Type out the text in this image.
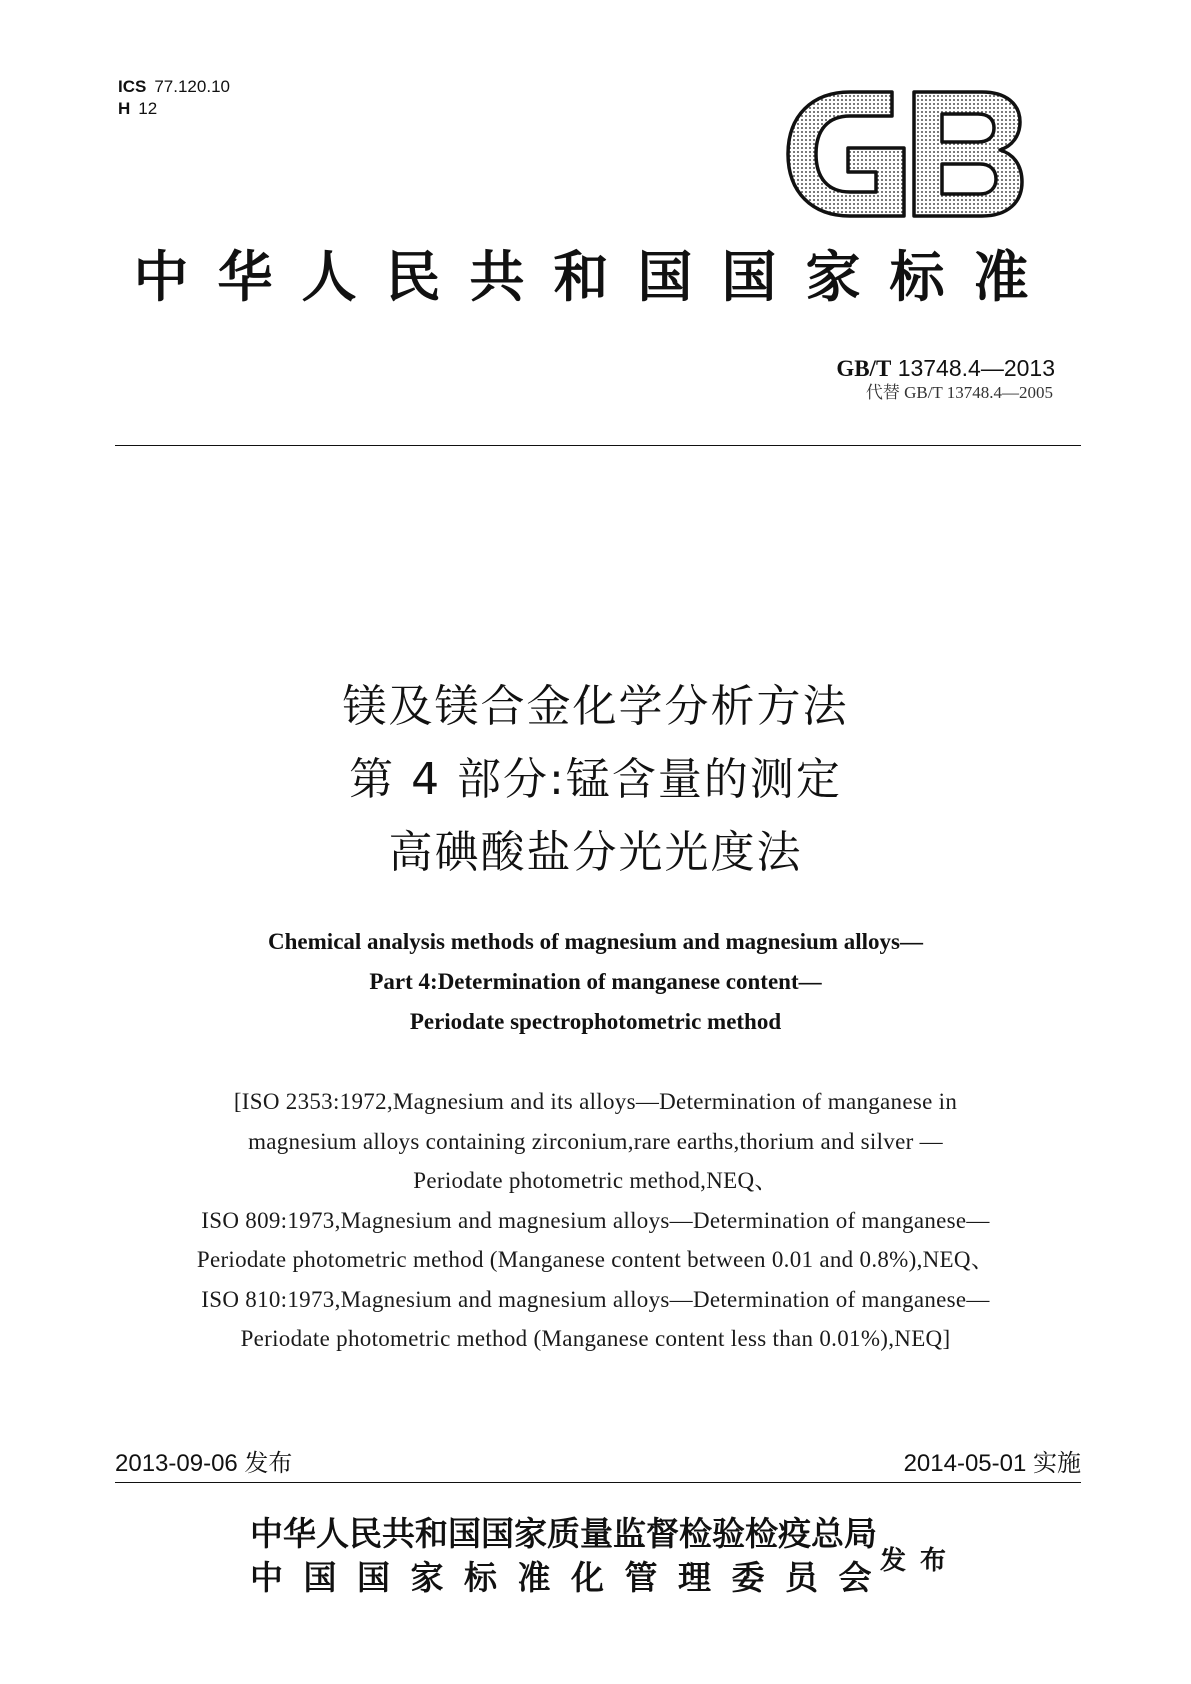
ICS 77.120.10
H 12
中华人民共和国国家标准
GB/T 13748.4—2013
代替 GB/T 13748.4—2005
镁及镁合金化学分析方法
第 4 部分:锰含量的测定
高碘酸盐分光光度法
Chemical analysis methods of magnesium and magnesium alloys—
Part 4:Determination of manganese content—
Periodate spectrophotometric method
[ISO 2353:1972,Magnesium and its alloys—Determination of manganese in
magnesium alloys containing zirconium,rare earths,thorium and silver —
Periodate photometric method,NEQ、
ISO 809:1973,Magnesium and magnesium alloys—Determination of manganese—
Periodate photometric method (Manganese content between 0.01 and 0.8%),NEQ、
ISO 810:1973,Magnesium and magnesium alloys—Determination of manganese—
Periodate photometric method (Manganese content less than 0.01%),NEQ]
2013-09-06 发布	2014-05-01 实施
中华人民共和国国家质量监督检验检疫总局
中国国家标准化管理委员会
发布
